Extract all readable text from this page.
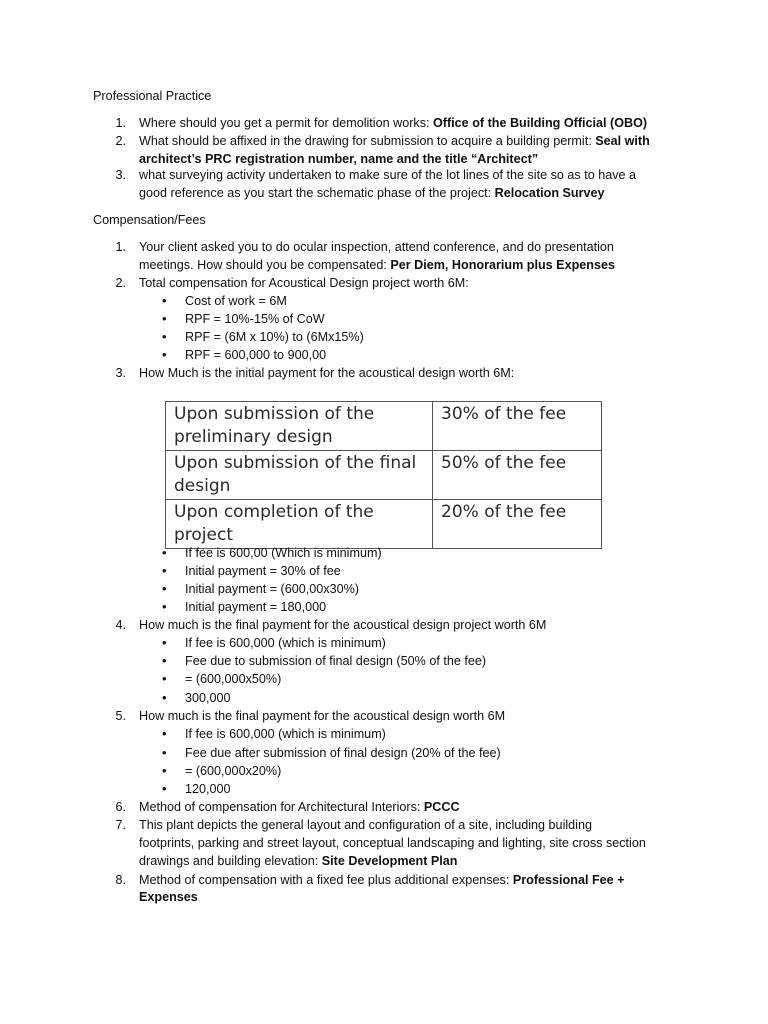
Professional Practice
1. Where should you get a permit for demolition works: Office of the Building Official (OBO)
2. What should be affixed in the drawing for submission to acquire a building permit: Seal with
architect’s PRC registration number, name and the title “Architect”
3. what surveying activity undertaken to make sure of the lot lines of the site so as to have a
good reference as you start the schematic phase of the project: Relocation Survey
Compensation/Fees
1. Your client asked you to do ocular inspection, attend conference, and do presentation
meetings. How should you be compensated: Per Diem, Honorarium plus Expenses
2. Total compensation for Acoustical Design project worth 6M:
• Cost of work = 6M
• RPF = 10%-15% of CoW
• RPF = (6M x 10%) to (6Mx15%)
• RPF = 600,000 to 900,00
3. How Much is the initial payment for the acoustical design worth 6M:
Upon submission of the preliminary design	30% of the fee
Upon submission of the final design	50% of the fee
Upon completion of the project	20% of the fee
• If fee is 600,00 (Which is minimum)
• Initial payment = 30% of fee
• Initial payment = (600,00x30%)
• Initial payment = 180,000
4. How much is the final payment for the acoustical design project worth 6M
• If fee is 600,000 (which is minimum)
• Fee due to submission of final design (50% of the fee)
• = (600,000x50%)
• 300,000
5. How much is the final payment for the acoustical design worth 6M
• If fee is 600,000 (which is minimum)
• Fee due after submission of final design (20% of the fee)
• = (600,000x20%)
• 120,000
6. Method of compensation for Architectural Interiors: PCCC
7. This plant depicts the general layout and configuration of a site, including building
footprints, parking and street layout, conceptual landscaping and lighting, site cross section
drawings and building elevation: Site Development Plan
8. Method of compensation with a fixed fee plus additional expenses: Professional Fee +
Expenses
